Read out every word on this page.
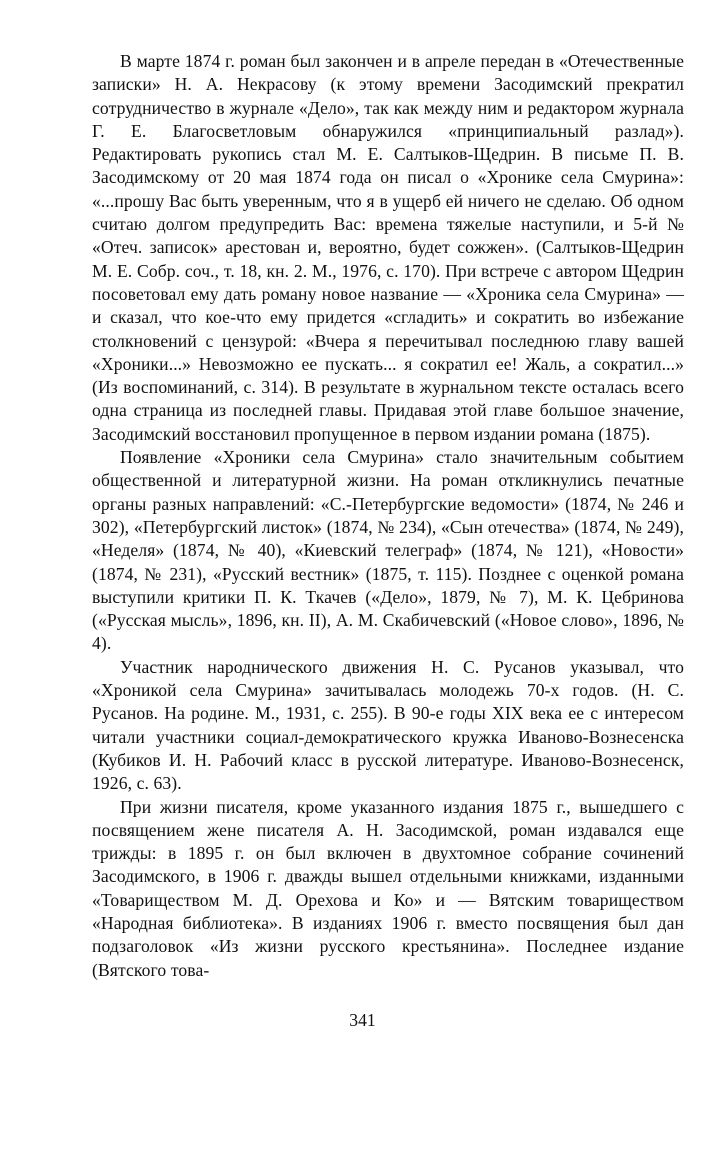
В марте 1874 г. роман был закончен и в апреле передан в «Отечественные записки» Н. А. Некрасову (к этому времени Засодимский прекратил сотрудничество в журнале «Дело», так как между ним и редактором журнала Г. Е. Благосветловым обнаружился «принципиальный разлад»). Редактировать рукопись стал М. Е. Салтыков-Щедрин. В письме П. В. Засодимскому от 20 мая 1874 года он писал о «Хронике села Смурина»: «...прошу Вас быть уверенным, что я в ущерб ей ничего не сделаю. Об одном считаю долгом предупредить Вас: времена тяжелые наступили, и 5-й № «Отеч. записок» арестован и, вероятно, будет сожжен». (Салтыков-Щедрин М. Е. Собр. соч., т. 18, кн. 2. М., 1976, с. 170). При встрече с автором Щедрин посоветовал ему дать роману новое название — «Хроника села Смурина» — и сказал, что кое-что ему придется «сгладить» и сократить во избежание столкновений с цензурой: «Вчера я перечитывал последнюю главу вашей «Хроники...» Невозможно ее пускать... я сократил ее! Жаль, а сократил...» (Из воспоминаний, с. 314). В результате в журнальном тексте осталась всего одна страница из последней главы. Придавая этой главе большое значение, Засодимский восстановил пропущенное в первом издании романа (1875).

Появление «Хроники села Смурина» стало значительным событием общественной и литературной жизни. На роман откликнулись печатные органы разных направлений: «С.-Петербургские ведомости» (1874, № 246 и 302), «Петербургский листок» (1874, № 234), «Сын отечества» (1874, № 249), «Неделя» (1874, № 40), «Киевский телеграф» (1874, № 121), «Новости» (1874, № 231), «Русский вестник» (1875, т. 115). Позднее с оценкой романа выступили критики П. К. Ткачев («Дело», 1879, № 7), М. К. Цебринова («Русская мысль», 1896, кн. II), А. М. Скабичевский («Новое слово», 1896, № 4).

Участник народнического движения Н. С. Русанов указывал, что «Хроникой села Смурина» зачитывалась молодежь 70-х годов. (Н. С. Русанов. На родине. М., 1931, с. 255). В 90-е годы XIX века ее с интересом читали участники социал-демократического кружка Иваново-Вознесенска (Кубиков И. Н. Рабочий класс в русской литературе. Иваново-Вознесенск, 1926, с. 63).

При жизни писателя, кроме указанного издания 1875 г., вышедшего с посвящением жене писателя А. Н. Засодимской, роман издавался еще трижды: в 1895 г. он был включен в двухтомное собрание сочинений Засодимского, в 1906 г. дважды вышел отдельными книжками, изданными «Товариществом М. Д. Орехова и Ко» и — Вятским товариществом «Народная библиотека». В изданиях 1906 г. вместо посвящения был дан подзаголовок «Из жизни русского крестьянина». Последнее издание (Вятского това-

341
